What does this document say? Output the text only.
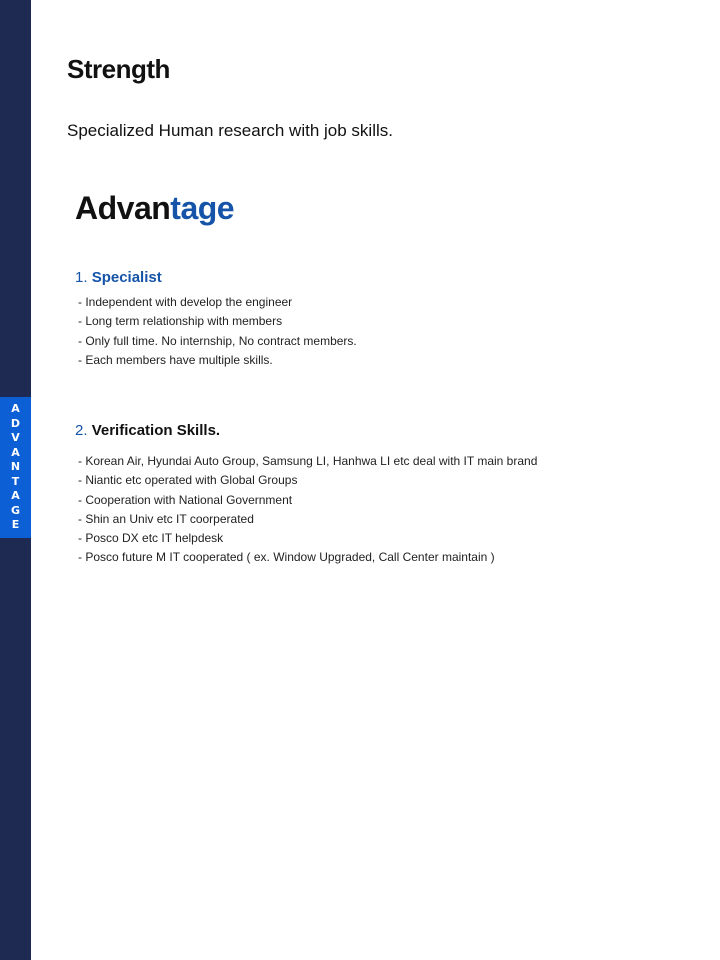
A
D
V
A
N
T
A
G
E
Strength

Specialized Human research with job skills.

Advantage
1. Specialist
- Independent with develop the engineer
- Long term relationship with members
- Only full time. No internship, No contract members.
- Each members have multiple skills.
2. Verification Skills.
- Korean Air, Hyundai Auto Group, Samsung LI, Hanhwa LI etc deal with IT main brand
- Niantic etc operated with Global Groups
- Cooperation with National Government
- Shin an Univ etc IT coorperated
- Posco DX etc IT helpdesk
- Posco future M IT cooperated ( ex. Window Upgraded, Call Center maintain )
